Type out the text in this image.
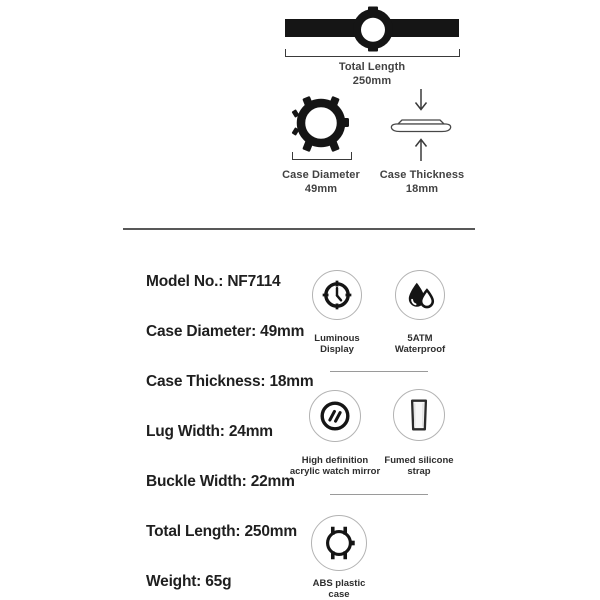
Total Length
250mm
Case Diameter
49mm
Case Thickness
18mm
Model No.: NF7114
Case Diameter: 49mm
Case Thickness: 18mm
Lug Width: 24mm
Buckle Width: 22mm
Total Length: 250mm
Weight: 65g
Luminous
Display
5ATM
Waterproof
High definition
acrylic watch mirror
Fumed silicone
strap
ABS plastic
case
